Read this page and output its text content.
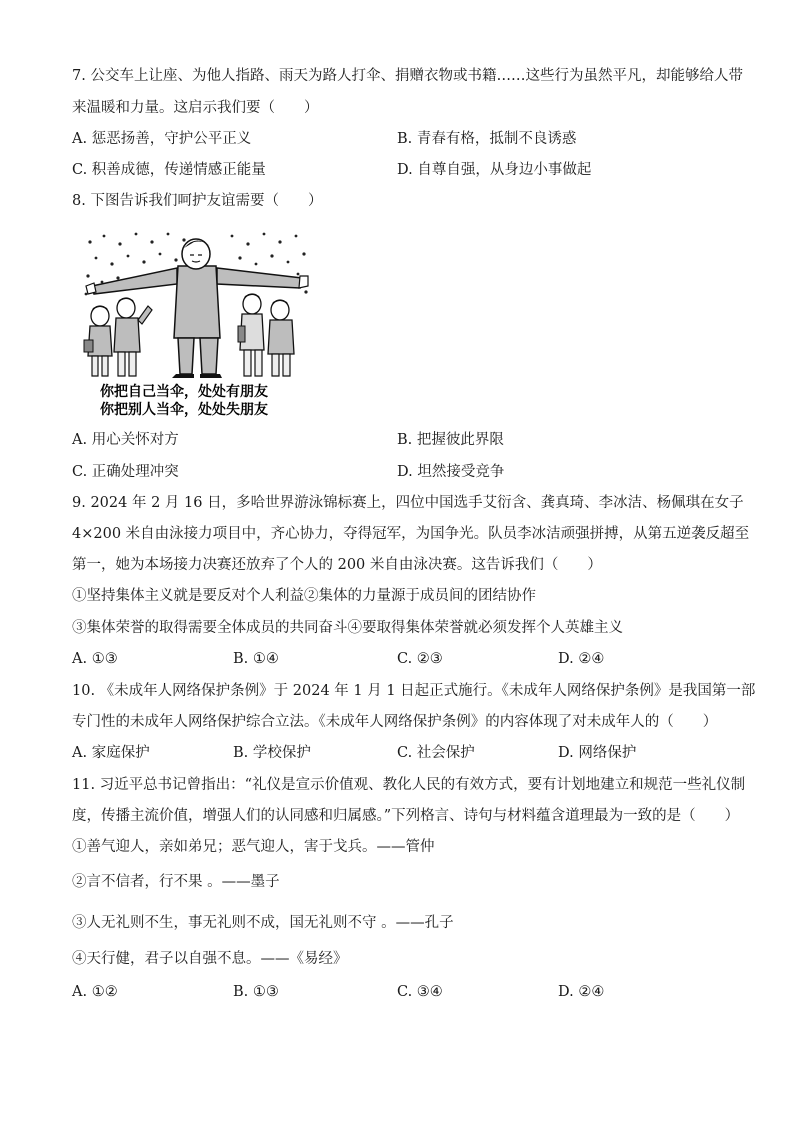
7. 公交车上让座、为他人指路、雨天为路人打伞、捐赠衣物或书籍……这些行为虽然平凡，却能够给人带
来温暖和力量。这启示我们要（　　）
A. 惩恶扬善，守护公平正义	B. 青春有格，抵制不良诱惑
C. 积善成德，传递情感正能量	D. 自尊自强，从身边小事做起
8. 下图告诉我们呵护友谊需要（　　）
你把自己当伞，处处有朋友
你把别人当伞，处处失朋友
A. 用心关怀对方	B. 把握彼此界限
C. 正确处理冲突	D. 坦然接受竞争
9. 2024 年 2 月 16 日，多哈世界游泳锦标赛上，四位中国选手艾衍含、龚真琦、李冰洁、杨佩琪在女子
4×200 米自由泳接力项目中，齐心协力，夺得冠军，为国争光。队员李冰洁顽强拼搏，从第五逆袭反超至
第一，她为本场接力决赛还放弃了个人的 200 米自由泳决赛。这告诉我们（　　）
①坚持集体主义就是要反对个人利益②集体的力量源于成员间的团结协作
③集体荣誉的取得需要全体成员的共同奋斗④要取得集体荣誉就必须发挥个人英雄主义
A. ①③	B. ①④	C. ②③	D. ②④
10. 《未成年人网络保护条例》于 2024 年 1 月 1 日起正式施行。《未成年人网络保护条例》是我国第一部
专门性的未成年人网络保护综合立法。《未成年人网络保护条例》的内容体现了对未成年人的（　　）
A. 家庭保护	B. 学校保护	C. 社会保护	D. 网络保护
11. 习近平总书记曾指出：“礼仪是宣示价值观、教化人民的有效方式，要有计划地建立和规范一些礼仪制
度，传播主流价值，增强人们的认同感和归属感。”下列格言、诗句与材料蕴含道理最为一致的是（　　）
①善气迎人，亲如弟兄；恶气迎人，害于戈兵。——管仲
②言不信者，行不果 。——墨子
③人无礼则不生，事无礼则不成，国无礼则不守 。——孔子
④天行健，君子以自强不息。——《易经》
A. ①②	B. ①③	C. ③④	D. ②④
